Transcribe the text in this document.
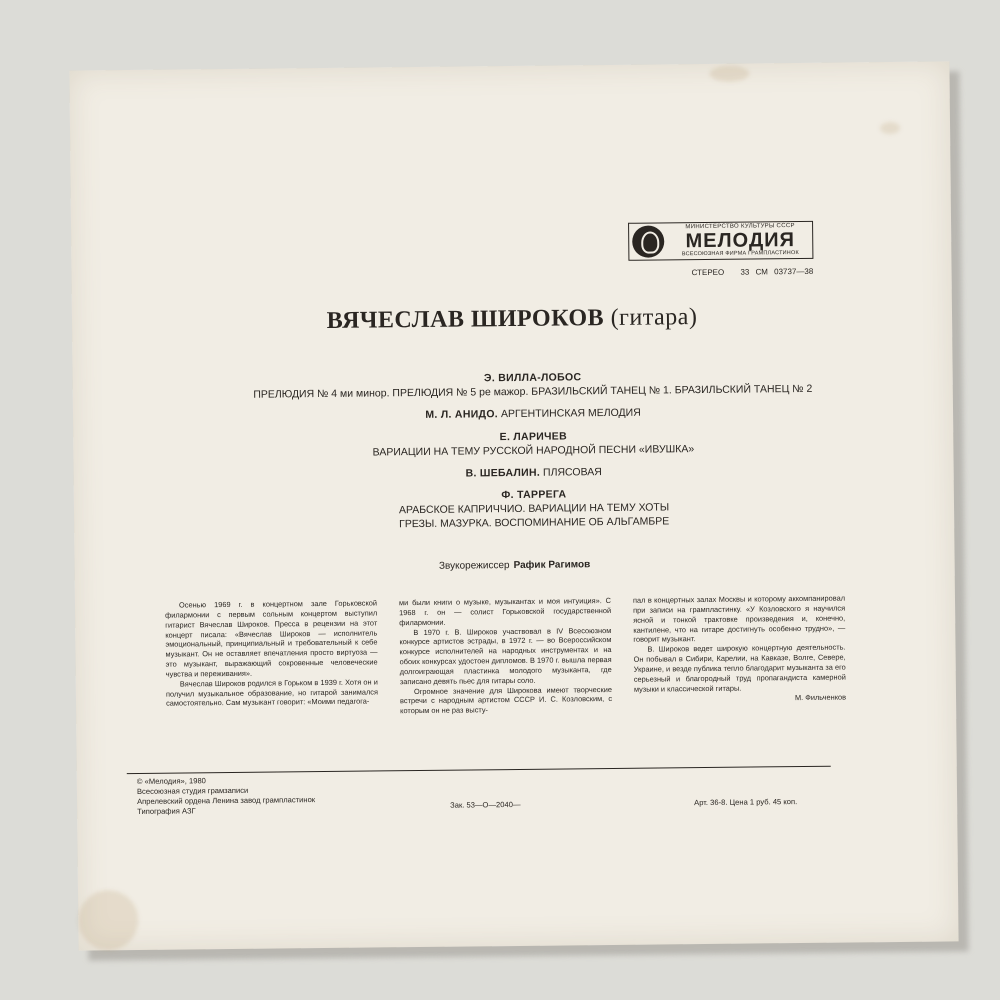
МИНИСТЕРСТВО КУЛЬТУРЫ СССР
МЕЛОДИЯ
ВСЕСОЮЗНАЯ ФИРМА ГРАМПЛАСТИНОК
СТЕРЕО 33 СМ 03737—38
ВЯЧЕСЛАВ ШИРОКОВ (гитара)
Э. ВИЛЛА-ЛОБОС
ПРЕЛЮДИЯ № 4 ми минор. ПРЕЛЮДИЯ № 5 ре мажор. БРАЗИЛЬСКИЙ ТАНЕЦ № 1. БРАЗИЛЬСКИЙ ТАНЕЦ № 2
М. Л. АНИДО. АРГЕНТИНСКАЯ МЕЛОДИЯ
Е. ЛАРИЧЕВ
ВАРИАЦИИ НА ТЕМУ РУССКОЙ НАРОДНОЙ ПЕСНИ «ИВУШКА»
В. ШЕБАЛИН. ПЛЯСОВАЯ
Ф. ТАРРЕГА
АРАБСКОЕ КАПРИЧЧИО. ВАРИАЦИИ НА ТЕМУ ХОТЫ
ГРЕЗЫ. МАЗУРКА. ВОСПОМИНАНИЕ ОБ АЛЬГАМБРЕ
Звукорежиссер Рафик Рагимов

Осенью 1969 г. в концертном зале Горьковской филармонии с первым сольным концертом выступил гитарист Вячеслав Широков. Пресса в рецензии на этот концерт писала: «Вячеслав Широков — исполнитель эмоциональный, принципиальный и требовательный к себе музыкант. Он не оставляет впечатления просто виртуоза — это музыкант, выражающий сокровенные человеческие чувства и переживания».

Вячеслав Широков родился в Горьком в 1939 г. Хотя он и получил музыкальное образование, но гитарой занимался самостоятельно. Сам музыкант говорит: «Моими педагога-

ми были книги о музыке, музыкантах и моя интуиция». С 1968 г. он — солист Горьковской государственной филармонии.

В 1970 г. В. Широков участвовал в IV Всесоюзном конкурсе артистов эстрады, в 1972 г. — во Всероссийском конкурсе исполнителей на народных инструментах и на обоих конкурсах удостоен дипломов. В 1970 г. вышла первая долгоиграющая пластинка молодого музыканта, где записано девять пьес для гитары соло.

Огромное значение для Широкова имеют творческие встречи с народным артистом СССР И. С. Козловским, с которым он не раз высту-

пал в концертных залах Москвы и которому аккомпанировал при записи на грампластинку. «У Козловского я научился ясной и тонкой трактовке произведения и, конечно, кантилене, что на гитаре достигнуть особенно трудно», — говорит музыкант.

В. Широков ведет широкую концертную деятельность. Он побывал в Сибири, Карелии, на Кавказе, Волге, Севере, Украине, и везде публика тепло благодарит музыканта за его серьезный и благородный труд пропагандиста камерной музыки и классической гитары.

М. Фильченков
© «Мелодия», 1980
Всесоюзная студия грамзаписи
Апрелевский ордена Ленина завод грампластинок
Типография АЗГ
Зак. 53—О—2040—	Арт. 36-8. Цена 1 руб. 45 коп.
